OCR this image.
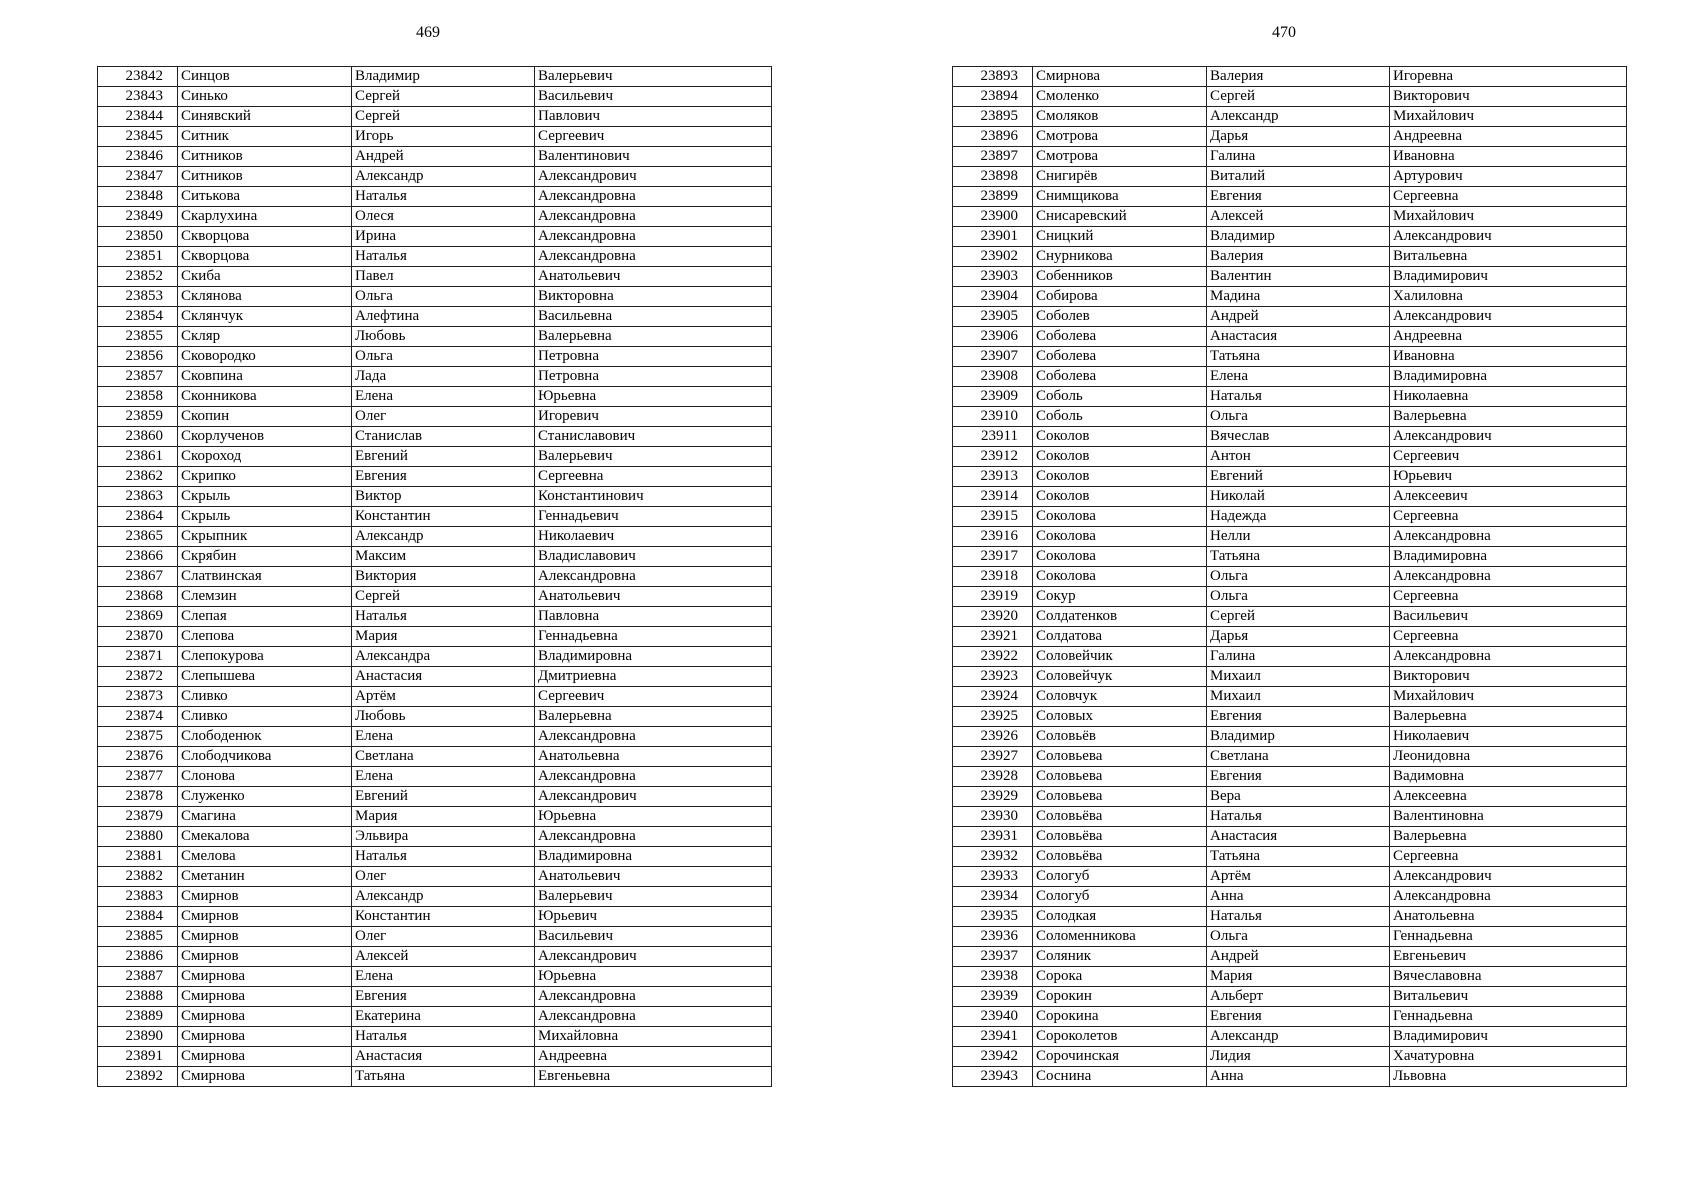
469	470
23842	Синцов	Владимир	Валерьевич
23843	Синько	Сергей	Васильевич
23844	Синявский	Сергей	Павлович
23845	Ситник	Игорь	Сергеевич
23846	Ситников	Андрей	Валентинович
23847	Ситников	Александр	Александрович
23848	Ситькова	Наталья	Александровна
23849	Скарлухина	Олеся	Александровна
23850	Скворцова	Ирина	Александровна
23851	Скворцова	Наталья	Александровна
23852	Скиба	Павел	Анатольевич
23853	Склянова	Ольга	Викторовна
23854	Склянчук	Алефтина	Васильевна
23855	Скляр	Любовь	Валерьевна
23856	Сковородко	Ольга	Петровна
23857	Сковпина	Лада	Петровна
23858	Сконникова	Елена	Юрьевна
23859	Скопин	Олег	Игоревич
23860	Скорлученов	Станислав	Станиславович
23861	Скороход	Евгений	Валерьевич
23862	Скрипко	Евгения	Сергеевна
23863	Скрыль	Виктор	Константинович
23864	Скрыль	Константин	Геннадьевич
23865	Скрыпник	Александр	Николаевич
23866	Скрябин	Максим	Владиславович
23867	Слатвинская	Виктория	Александровна
23868	Слемзин	Сергей	Анатольевич
23869	Слепая	Наталья	Павловна
23870	Слепова	Мария	Геннадьевна
23871	Слепокурова	Александра	Владимировна
23872	Слепышева	Анастасия	Дмитриевна
23873	Сливко	Артём	Сергеевич
23874	Сливко	Любовь	Валерьевна
23875	Слободенюк	Елена	Александровна
23876	Слободчикова	Светлана	Анатольевна
23877	Слонова	Елена	Александровна
23878	Служенко	Евгений	Александрович
23879	Смагина	Мария	Юрьевна
23880	Смекалова	Эльвира	Александровна
23881	Смелова	Наталья	Владимировна
23882	Сметанин	Олег	Анатольевич
23883	Смирнов	Александр	Валерьевич
23884	Смирнов	Константин	Юрьевич
23885	Смирнов	Олег	Васильевич
23886	Смирнов	Алексей	Александрович
23887	Смирнова	Елена	Юрьевна
23888	Смирнова	Евгения	Александровна
23889	Смирнова	Екатерина	Александровна
23890	Смирнова	Наталья	Михайловна
23891	Смирнова	Анастасия	Андреевна
23892	Смирнова	Татьяна	Евгеньевна
23893	Смирнова	Валерия	Игоревна
23894	Смоленко	Сергей	Викторович
23895	Смоляков	Александр	Михайлович
23896	Смотрова	Дарья	Андреевна
23897	Смотрова	Галина	Ивановна
23898	Снигирёв	Виталий	Артурович
23899	Снимщикова	Евгения	Сергеевна
23900	Снисаревский	Алексей	Михайлович
23901	Сницкий	Владимир	Александрович
23902	Снурникова	Валерия	Витальевна
23903	Собенников	Валентин	Владимирович
23904	Собирова	Мадина	Халиловна
23905	Соболев	Андрей	Александрович
23906	Соболева	Анастасия	Андреевна
23907	Соболева	Татьяна	Ивановна
23908	Соболева	Елена	Владимировна
23909	Соболь	Наталья	Николаевна
23910	Соболь	Ольга	Валерьевна
23911	Соколов	Вячеслав	Александрович
23912	Соколов	Антон	Сергеевич
23913	Соколов	Евгений	Юрьевич
23914	Соколов	Николай	Алексеевич
23915	Соколова	Надежда	Сергеевна
23916	Соколова	Нелли	Александровна
23917	Соколова	Татьяна	Владимировна
23918	Соколова	Ольга	Александровна
23919	Сокур	Ольга	Сергеевна
23920	Солдатенков	Сергей	Васильевич
23921	Солдатова	Дарья	Сергеевна
23922	Соловейчик	Галина	Александровна
23923	Соловейчук	Михаил	Викторович
23924	Соловчук	Михаил	Михайлович
23925	Соловых	Евгения	Валерьевна
23926	Соловьёв	Владимир	Николаевич
23927	Соловьева	Светлана	Леонидовна
23928	Соловьева	Евгения	Вадимовна
23929	Соловьева	Вера	Алексеевна
23930	Соловьёва	Наталья	Валентиновна
23931	Соловьёва	Анастасия	Валерьевна
23932	Соловьёва	Татьяна	Сергеевна
23933	Сологуб	Артём	Александрович
23934	Сологуб	Анна	Александровна
23935	Солодкая	Наталья	Анатольевна
23936	Соломенникова	Ольга	Геннадьевна
23937	Соляник	Андрей	Евгеньевич
23938	Сорока	Мария	Вячеславовна
23939	Сорокин	Альберт	Витальевич
23940	Сорокина	Евгения	Геннадьевна
23941	Сороколетов	Александр	Владимирович
23942	Сорочинская	Лидия	Хачатуровна
23943	Соснина	Анна	Львовна
